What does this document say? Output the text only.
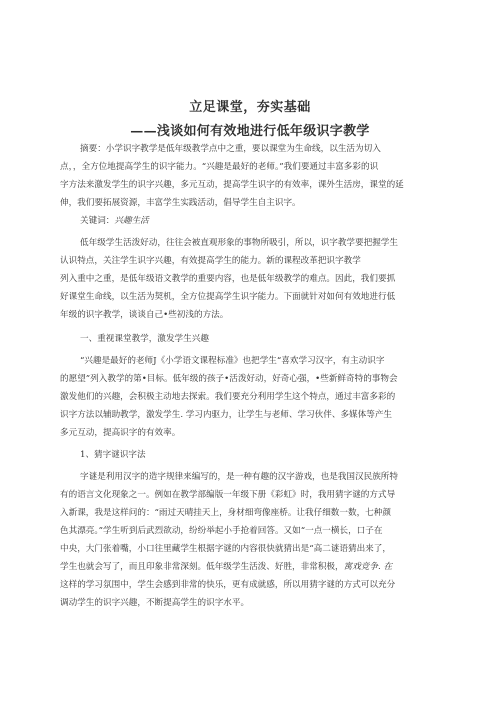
立足课堂，夯实基础
——浅谈如何有效地进行低年级识字教学
摘要：小学识字教学是低年级教学点中之重，要以课堂为生命线，以生活为切入
点，，全方位地提高学生的识字能力。“兴趣是最好的老师。”我们要通过丰富多彩的识
字方法来激发学生的识字兴趣，多元互动，提高学生识字的有效率，课外生活房，课堂的延
伸，我们要拓展资源，丰富学生实践活动，倡导学生自主识字。
关键词：兴趣生活
低年级学生活泼好动，往往会被直观形象的事物所吸引，所以，识字教学要把握学生
认识特点，关注学生识字兴趣，有效提高学生的能力。新的课程改革把识字教学
列入重中之重，是低年级语文教学的重要内容，也是低年级教学的难点。因此，我们要抓
好课堂生命线，以生活为契机，全方位提高学生识字能力。下面就针对如何有效地进行低
年级的识字教学，谈谈自己•些初浅的方法。
一、重视课堂教学，激发学生兴趣
“兴趣是最好的老师J《小学语文课程标准》也把学生“喜欢学习汉字，有主动识字
的愿望”列入教学的第•目标。低年级的孩子•活泼好动，好奇心强，•些新鲜奇特的事物会
激发他们的兴趣，会积极主动地去探索。我们要充分利用学生这个特点，通过丰富多彩的
识字方法以辅助教学，激发学生. 学习内驱力，让学生与老师、学习伙伴、多媒体等产生
多元互动，提高识字的有效率。
1、猜字谜识字法
字谜是利用汉字的造字规律来编写的，是一种有趣的汉字游戏，也是我国汉民族所特
有的语言文化现象之一。例如在教学部编版一年级下册《彩虹》时，我用猜字谜的方式导
入新课，我是这样问的：“雨过天晴挂天上，身材细弯像座桥。让我仔细数一数，七种颜
色其漂亮。”学生听到后武烈欲动，纷纷举起小手抢着回答。又如“一点一横长，口子在
中央，大门张着嘴，小口往里藏学生根据字谜的内容很快就猜出是“高二谜语猜出来了，
学生也就会写了，而且印象非常深刻。低年级学生活泼、好胜，非常积极，寓戏竞争. 在
这样的学习氛围中，学生会感到非常的快乐，更有成就感，所以用猜字谜的方式可以充分
调动学生的识字兴趣，不断提高学生的识字水平。
